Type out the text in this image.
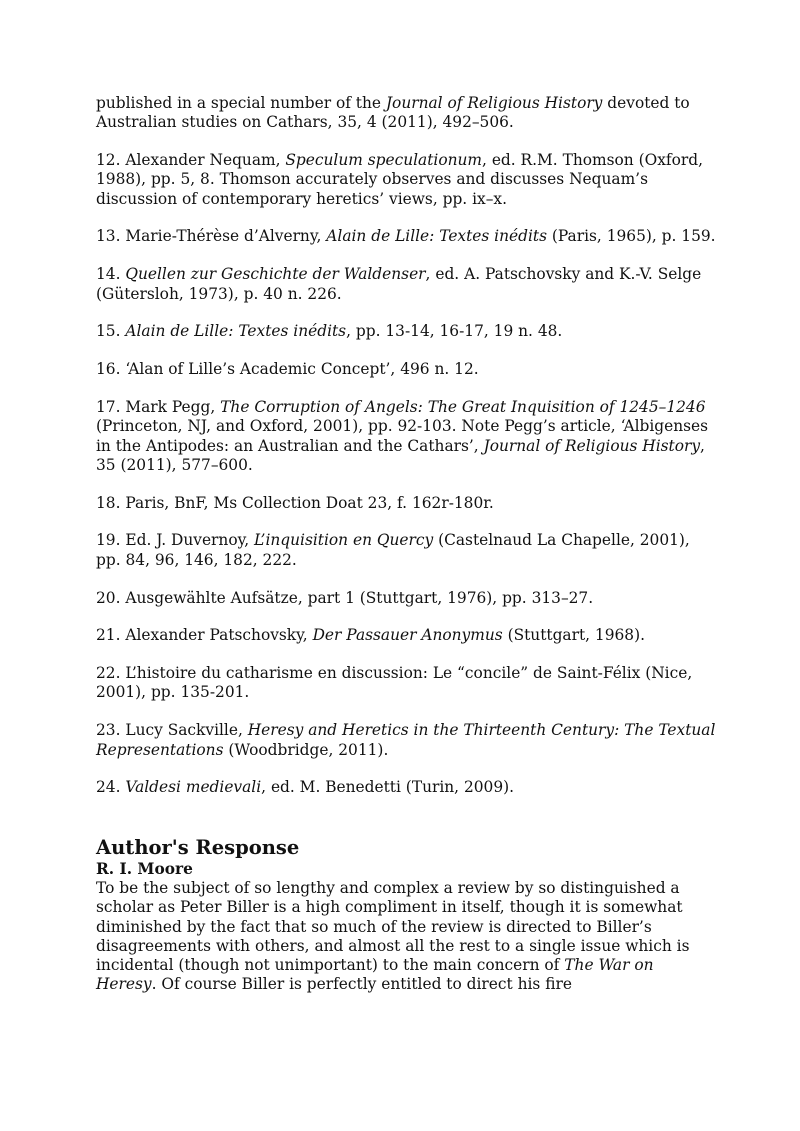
published in a special number of the Journal of Religious History devoted to Australian studies on Cathars, 35, 4 (2011), 492–506.

12. Alexander Nequam, Speculum speculationum, ed. R.M. Thomson (Oxford, 1988), pp. 5, 8. Thomson accurately observes and discusses Nequam’s discussion of contemporary heretics’ views, pp. ix–x.

13. Marie-Thérèse d’Alverny, Alain de Lille: Textes inédits (Paris, 1965), p. 159.

14. Quellen zur Geschichte der Waldenser, ed. A. Patschovsky and K.-V. Selge (Gütersloh, 1973), p. 40 n. 226.

15. Alain de Lille: Textes inédits, pp. 13-14, 16-17, 19 n. 48.

16. ‘Alan of Lille’s Academic Concept’, 496 n. 12.

17. Mark Pegg, The Corruption of Angels: The Great Inquisition of 1245–1246 (Princeton, NJ, and Oxford, 2001), pp. 92-103. Note Pegg’s article, ‘Albigenses in the Antipodes: an Australian and the Cathars’, Journal of Religious History, 35 (2011), 577–600.

18. Paris, BnF, Ms Collection Doat 23, f. 162r-180r.

19. Ed. J. Duvernoy, L’inquisition en Quercy (Castelnaud La Chapelle, 2001), pp. 84, 96, 146, 182, 222.

20. Ausgewählte Aufsätze, part 1 (Stuttgart, 1976), pp. 313–27.

21. Alexander Patschovsky, Der Passauer Anonymus (Stuttgart, 1968).

22. L’histoire du catharisme en discussion: Le “concile” de Saint-Félix (Nice, 2001), pp. 135-201.

23. Lucy Sackville, Heresy and Heretics in the Thirteenth Century: The Textual Representations (Woodbridge, 2011).

24. Valdesi medievali, ed. M. Benedetti (Turin, 2009).

Author's Response

R. I. Moore

To be the subject of so lengthy and complex a review by so distinguished a scholar as Peter Biller is a high compliment in itself, though it is somewhat diminished by the fact that so much of the review is directed to Biller’s disagreements with others, and almost all the rest to a single issue which is incidental (though not unimportant) to the main concern of The War on Heresy. Of course Biller is perfectly entitled to direct his fire
